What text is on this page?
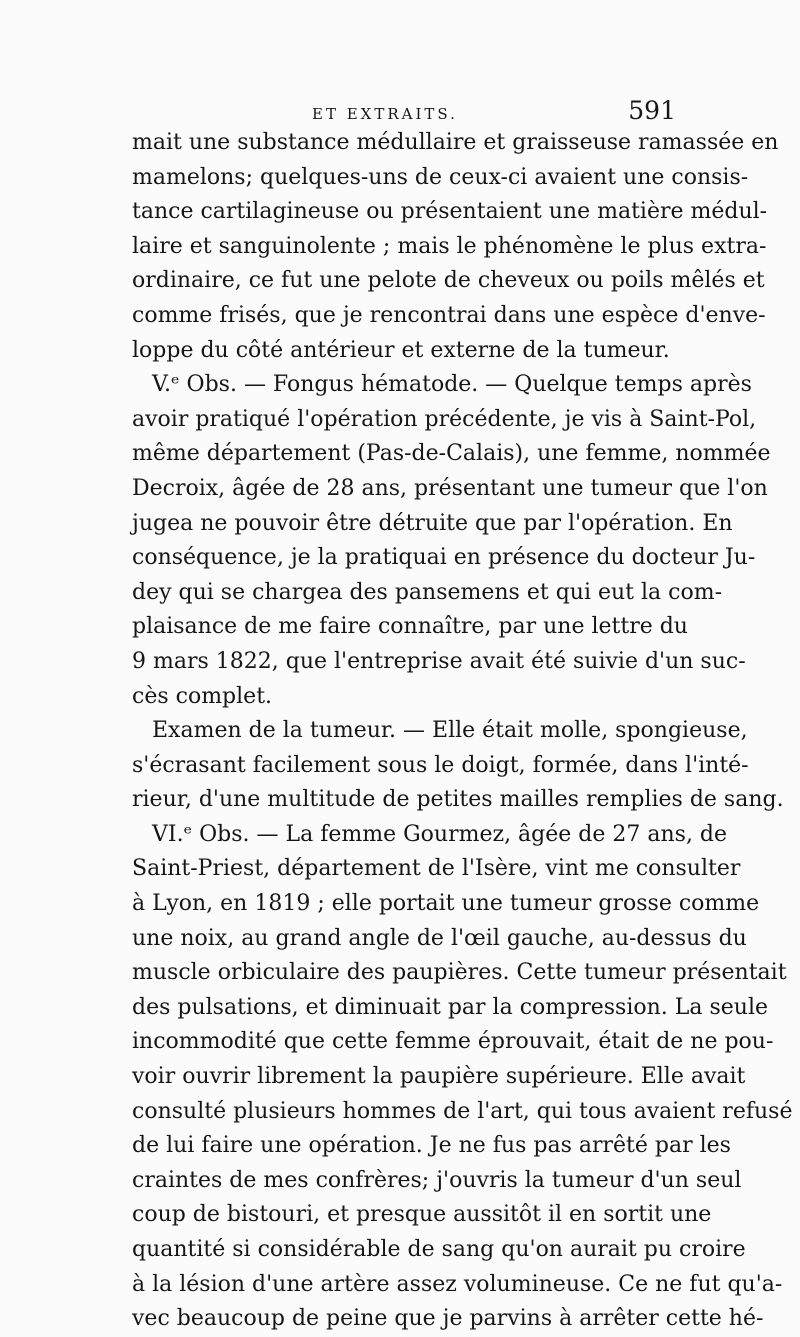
ET EXTRAITS.	591
mait une substance médullaire et graisseuse ramassée en
mamelons; quelques-uns de ceux-ci avaient une consis-
tance cartilagineuse ou présentaient une matière médul-
laire et sanguinolente ; mais le phénomène le plus extra-
ordinaire, ce fut une pelote de cheveux ou poils mêlés et
comme frisés, que je rencontrai dans une espèce d'enve-
loppe du côté antérieur et externe de la tumeur.
V.ᵉ Obs. — Fongus hématode. — Quelque temps après
avoir pratiqué l'opération précédente, je vis à Saint-Pol,
même département (Pas-de-Calais), une femme, nommée
Decroix, âgée de 28 ans, présentant une tumeur que l'on
jugea ne pouvoir être détruite que par l'opération. En
conséquence, je la pratiquai en présence du docteur Ju-
dey qui se chargea des pansemens et qui eut la com-
plaisance de me faire connaître, par une lettre du
9 mars 1822, que l'entreprise avait été suivie d'un suc-
cès complet.
Examen de la tumeur. — Elle était molle, spongieuse,
s'écrasant facilement sous le doigt, formée, dans l'inté-
rieur, d'une multitude de petites mailles remplies de sang.
VI.ᵉ Obs. — La femme Gourmez, âgée de 27 ans, de
Saint-Priest, département de l'Isère, vint me consulter
à Lyon, en 1819 ; elle portait une tumeur grosse comme
une noix, au grand angle de l'œil gauche, au-dessus du
muscle orbiculaire des paupières. Cette tumeur présentait
des pulsations, et diminuait par la compression. La seule
incommodité que cette femme éprouvait, était de ne pou-
voir ouvrir librement la paupière supérieure. Elle avait
consulté plusieurs hommes de l'art, qui tous avaient refusé
de lui faire une opération. Je ne fus pas arrêté par les
craintes de mes confrères; j'ouvris la tumeur d'un seul
coup de bistouri, et presque aussitôt il en sortit une
quantité si considérable de sang qu'on aurait pu croire
à la lésion d'une artère assez volumineuse. Ce ne fut qu'a-
vec beaucoup de peine que je parvins à arrêter cette hé-
